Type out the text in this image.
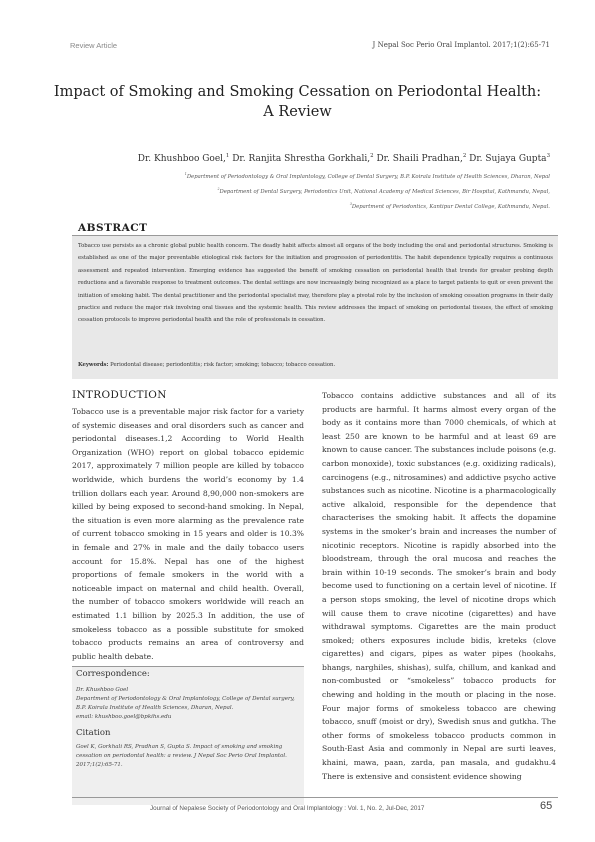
Review Article	J Nepal Soc Perio Oral Implantol. 2017;1(2):65-71
Impact of Smoking and Smoking Cessation on Periodontal Health:
A Review
Dr. Khushboo Goel,$^1$ Dr. Ranjita Shrestha Gorkhali,$^2$ Dr. Shaili Pradhan,$^2$ Dr. Sujaya Gupta$^3$
$^1$Department of Periodontology & Oral Implantology, College of Dental Surgery, B.P. Koirala Institute of Health Sciences, Dharan, Nepal
$^2$Department of Dental Surgery, Periodontics Unit, National Academy of Medical Sciences, Bir Hospital, Kathmandu, Nepal,
$^3$Department of Periodontics, Kantipur Dental College, Kathmandu, Nepal.
ABSTRACT
Tobacco use persists as a chronic global public health concern. The deadly habit affects almost all organs of the body including the oral and periodontal structures. Smoking is established as one of the major preventable etiological risk factors for the initiation and progression of periodontitis. The habit dependence typically requires a continuous assessment and repeated intervention. Emerging evidence has suggested the benefit of smoking cessation on periodontal health that trends for greater probing depth reductions and a favorable response to treatment outcomes. The dental settings are now increasingly being recognized as a place to target patients to quit or even prevent the initiation of smoking habit. The dental practitioner and the periodontal specialist may, therefore play a pivotal role by the inclusion of smoking cessation programs in their daily practice and reduce the major risk involving oral tissues and the systemic health. This review addresses the impact of smoking on periodontal tissues, the effect of smoking cessation protocols to improve periodontal health and the role of professionals in cessation.
Keywords: Periodontal disease; periodontitis; risk factor; smoking; tobacco; tobacco cessation.
INTRODUCTION
Tobacco use is a preventable major risk factor for a variety of systemic diseases and oral disorders such as cancer and periodontal diseases.1,2 According to World Health Organization (WHO) report on global tobacco epidemic 2017, approximately 7 million people are killed by tobacco worldwide, which burdens the world’s economy by 1.4 trillion dollars each year. Around 8,90,000 non-smokers are killed by being exposed to second-hand smoking. In Nepal, the situation is even more alarming as the prevalence rate of current tobacco smoking in 15 years and older is 10.3% in female and 27% in male and the daily tobacco users account for 15.8%. Nepal has one of the highest proportions of female smokers in the world with a noticeable impact on maternal and child health. Overall, the number of tobacco smokers worldwide will reach an estimated 1.1 billion by 2025.3 In addition, the use of smokeless tobacco as a possible substitute for smoked tobacco products remains an area of controversy and public health debate.
Tobacco contains addictive substances and all of its products are harmful. It harms almost every organ of the body as it contains more than 7000 chemicals, of which at least 250 are known to be harmful and at least 69 are known to cause cancer. The substances include poisons (e.g. carbon monoxide), toxic substances (e.g. oxidizing radicals), carcinogens (e.g., nitrosamines) and addictive psycho active substances such as nicotine. Nicotine is a pharmacologically active alkaloid, responsible for the dependence that characterises the smoking habit. It affects the dopamine systems in the smoker’s brain and increases the number of nicotinic receptors. Nicotine is rapidly absorbed into the bloodstream, through the oral mucosa and reaches the brain within 10-19 seconds. The smoker’s brain and body become used to functioning on a certain level of nicotine. If a person stops smoking, the level of nicotine drops which will cause them to crave nicotine (cigarettes) and have withdrawal symptoms. Cigarettes are the main product smoked; others exposures include bidis, kreteks (clove cigarettes) and cigars, pipes as water pipes (hookahs, bhangs, narghiles, shishas), sulfa, chillum, and kankad and non-combusted or “smokeless” tobacco products for chewing and holding in the mouth or placing in the nose. Four major forms of smokeless tobacco are chewing tobacco, snuff (moist or dry), Swedish snus and gutkha. The other forms of smokeless tobacco products common in South-East Asia and commonly in Nepal are surti leaves, khaini, mawa, paan, zarda, pan masala, and gudakhu.4 There is extensive and consistent evidence showing
Correspondence:
Dr. Khushboo Goel
Department of Periodontology & Oral Implantology, College of Dental surgery, B.P. Koirala Institute of Health Sciences, Dharan, Nepal.
email: khushboo.goel@bpkihs.edu
Citation
Goel K, Gorkhali RS, Pradhan S, Gupta S. Impact of smoking and smoking cessation on periodontal health: a review. J Nepal Soc Perio Oral Implantol. 2017;1(2):65-71.
Journal of Nepalese Society of Periodontology and Oral Implantology : Vol. 1, No. 2, Jul-Dec, 2017	65
